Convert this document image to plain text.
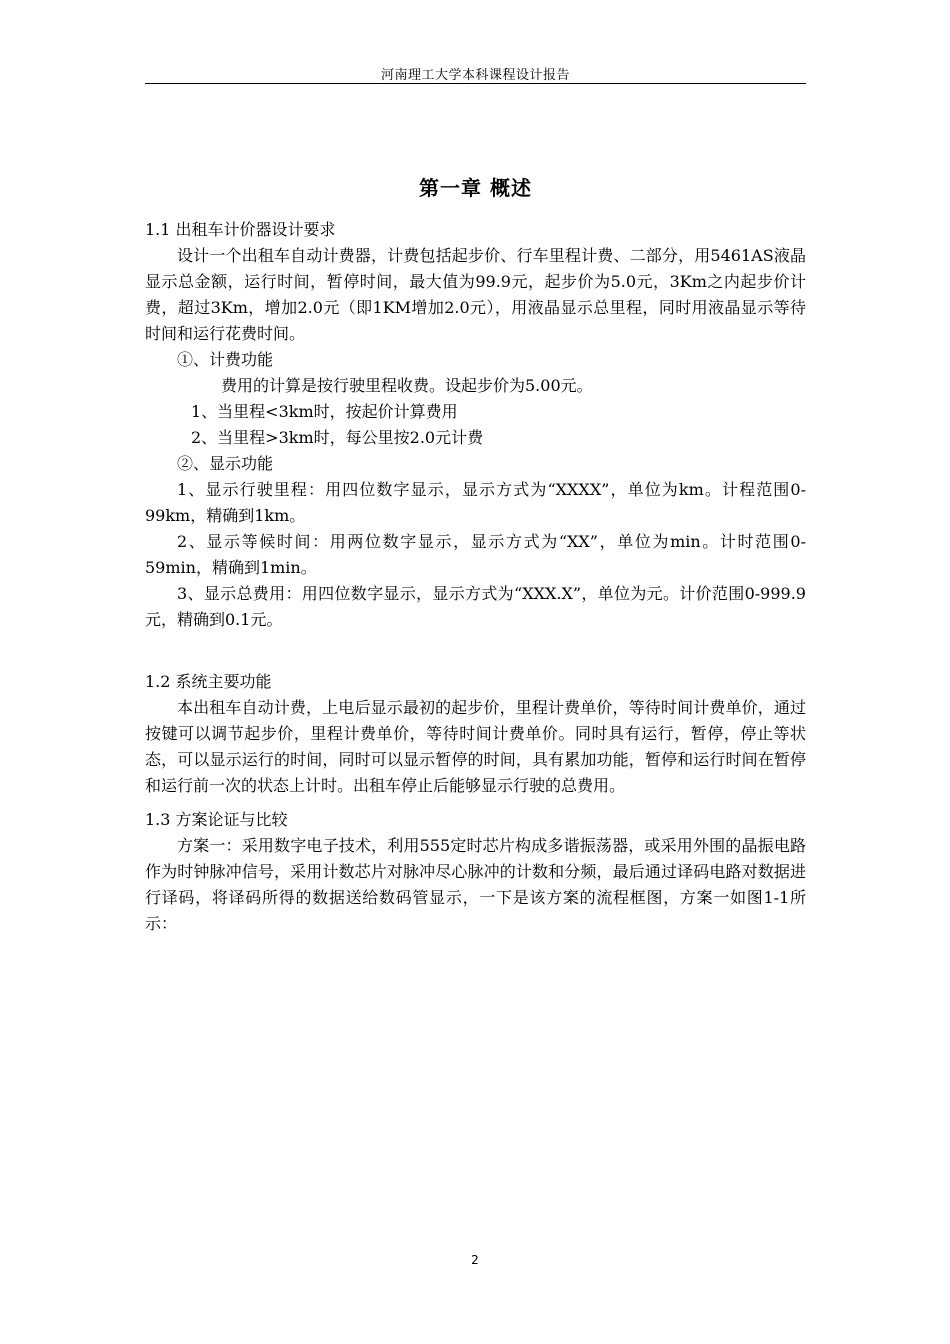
河南理工大学本科课程设计报告
第一章 概述
1.1 出租车计价器设计要求

设计一个出租车自动计费器，计费包括起步价、行车里程计费、二部分，用5461AS液晶 显示总金额，运行时间，暂停时间，最大值为99.9元，起步价为5.0元，3Km之内起步价计费，超过3Km，增加2.0元（即1KM增加2.0元），用液晶显示总里程，同时用液晶显示等待时间和运行花费时间。

①、计费功能

费用的计算是按行驶里程收费。设起步价为5.00元。

1、当里程<3km时，按起价计算费用

2、当里程>3km时，每公里按2.0元计费

②、显示功能

1、显示行驶里程：用四位数字显示，显示方式为“XXXX”，单位为km。计程范围0-99km，精确到1km。

2、显示等候时间：用两位数字显示，显示方式为“XX”，单位为min。计时范围0-59min，精确到1min。

3、显示总费用：用四位数字显示，显示方式为“XXX.X”，单位为元。计价范围0-999.9元，精确到0.1元。

1.2 系统主要功能

本出租车自动计费，上电后显示最初的起步价，里程计费单价，等待时间计费单价，通过按键可以调节起步价，里程计费单价，等待时间计费单价。同时具有运行，暂停，停止等状态，可以显示运行的时间，同时可以显示暂停的时间，具有累加功能，暂停和运行时间在暂停和运行前一次的状态上计时。出租车停止后能够显示行驶的总费用。

1.3 方案论证与比较

方案一：采用数字电子技术，利用555定时芯片构成多谐振荡器，或采用外围的晶振电路作为时钟脉冲信号，采用计数芯片对脉冲尽心脉冲的计数和分频，最后通过译码电路对数据进行译码，将译码所得的数据送给数码管显示，一下是该方案的流程框图，方案一如图1-1所示：

2
